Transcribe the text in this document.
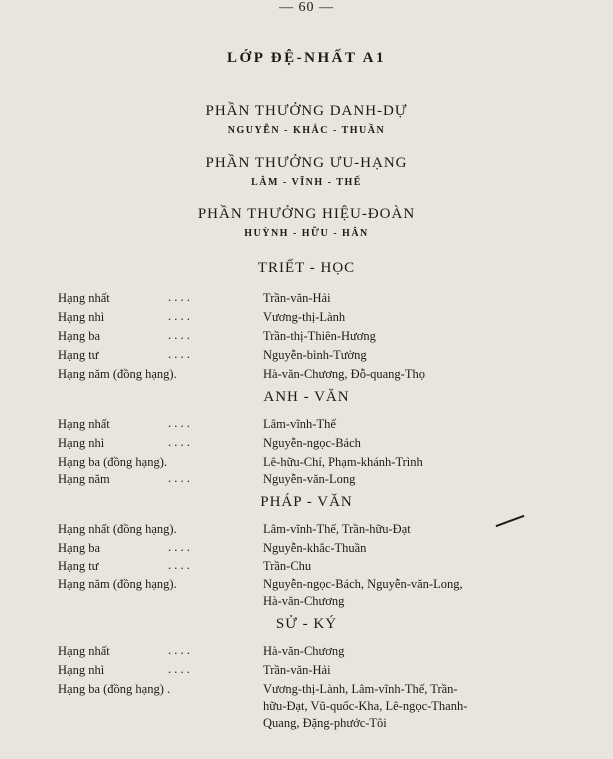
— 60 —
LỚP ĐỆ-NHẤT A1
PHẦN THƯỞNG DANH-DỰ
NGUYỄN - KHẮC - THUẦN
PHẦN THƯỞNG ƯU-HẠNG
LÂM - VĨNH - THẾ
PHẦN THƯỞNG HIỆU-ĐOÀN
HUỲNH - HỮU - HÂN
TRIẾT - HỌC
Hạng nhất	. . . .	Trần-văn-Hải
Hạng nhì	. . . .	Vương-thị-Lành
Hạng ba	. . . .	Trần-thị-Thiên-Hương
Hạng tư	. . . .	Nguyễn-bình-Tường
Hạng năm (đồng hạng).	Hà-văn-Chương, Đỗ-quang-Thọ
ANH - VĂN
Hạng nhất	. . . .	Lâm-vĩnh-Thế
Hạng nhì	. . . .	Nguyễn-ngọc-Bách
Hạng ba (đồng hạng).	Lê-hữu-Chí, Phạm-khánh-Trình
Hạng năm	. . . .	Nguyễn-văn-Long
PHÁP - VĂN
Hạng nhất (đồng hạng).	Lâm-vĩnh-Thế, Trần-hữu-Đạt
Hạng ba	. . . .	Nguyễn-khắc-Thuần
Hạng tư	. . . .	Trần-Chu
Hạng năm (đồng hạng).	Nguyễn-ngọc-Bách, Nguyễn-văn-Long,
Hà-văn-Chương
SỬ - KÝ
Hạng nhất	. . . .	Hà-văn-Chương
Hạng nhì	. . . .	Trần-văn-Hải
Hạng ba (đồng hạng) .	Vương-thị-Lành, Lâm-vĩnh-Thế, Trần-
hữu-Đạt, Vũ-quốc-Kha, Lê-ngọc-Thanh-
Quang, Đặng-phước-Tôi
